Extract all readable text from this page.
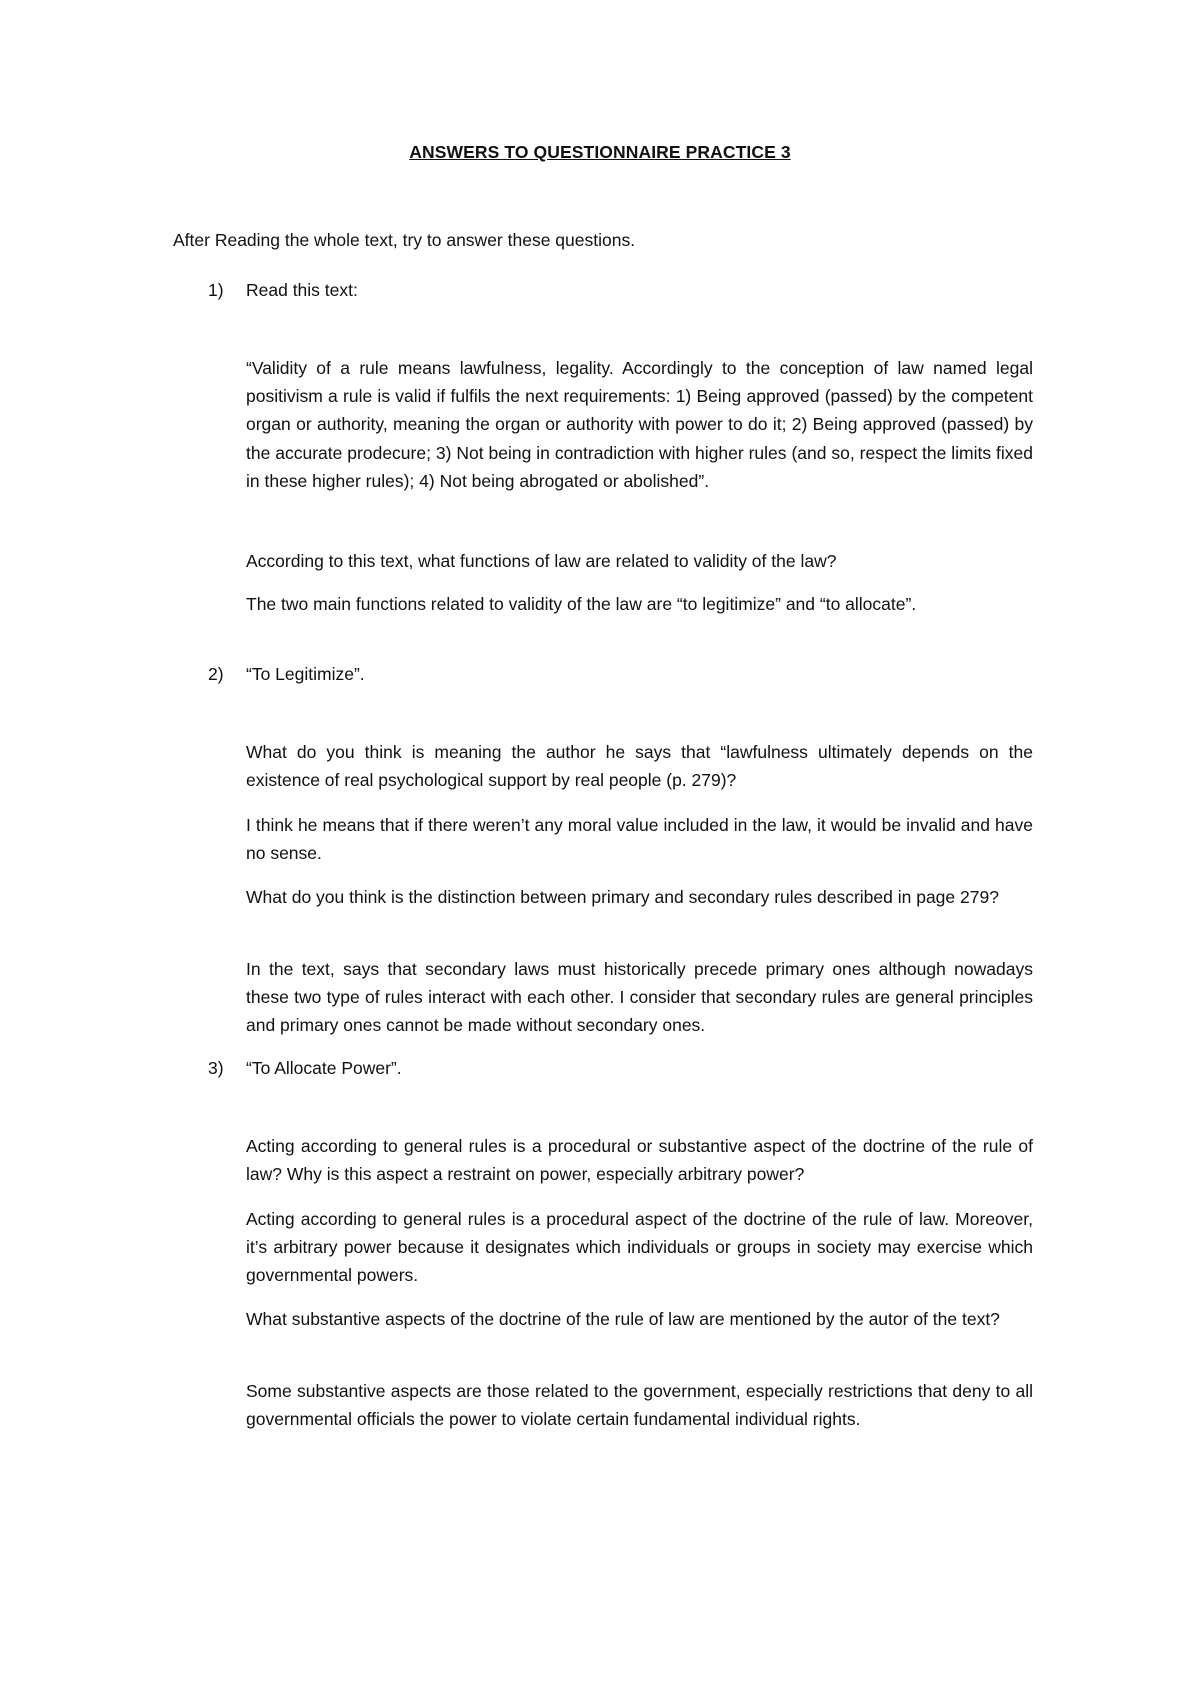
ANSWERS TO QUESTIONNAIRE PRACTICE 3
After Reading the whole text, try to answer these questions.
1) Read this text:

“Validity of a rule means lawfulness, legality. Accordingly to the conception of law named legal positivism a rule is valid if fulfils the next requirements: 1) Being approved (passed) by the competent organ or authority, meaning the organ or authority with power to do it; 2) Being approved (passed) by the accurate prodecure; 3) Not being in contradiction with higher rules (and so, respect the limits fixed in these higher rules); 4) Not being abrogated or abolished”.

According to this text, what functions of law are related to validity of the law?

The two main functions related to validity of the law are “to legitimize” and “to allocate”.

2) “To Legitimize”.

What do you think is meaning the author he says that “lawfulness ultimately depends on the existence of real psychological support by real people (p. 279)?

I think he means that if there weren’t any moral value included in the law, it would be invalid and have no sense.

What do you think is the distinction between primary and secondary rules described in page 279?

In the text, says that secondary laws must historically precede primary ones although nowadays these two type of rules interact with each other. I consider that secondary rules are general principles and primary ones cannot be made without secondary ones.

3) “To Allocate Power”.

Acting according to general rules is a procedural or substantive aspect of the doctrine of the rule of law? Why is this aspect a restraint on power, especially arbitrary power?

Acting according to general rules is a procedural aspect of the doctrine of the rule of law. Moreover, it’s arbitrary power because it designates which individuals or groups in society may exercise which governmental powers.

What substantive aspects of the doctrine of the rule of law are mentioned by the autor of the text?

Some substantive aspects are those related to the government, especially restrictions that deny to all governmental officials the power to violate certain fundamental individual rights.
